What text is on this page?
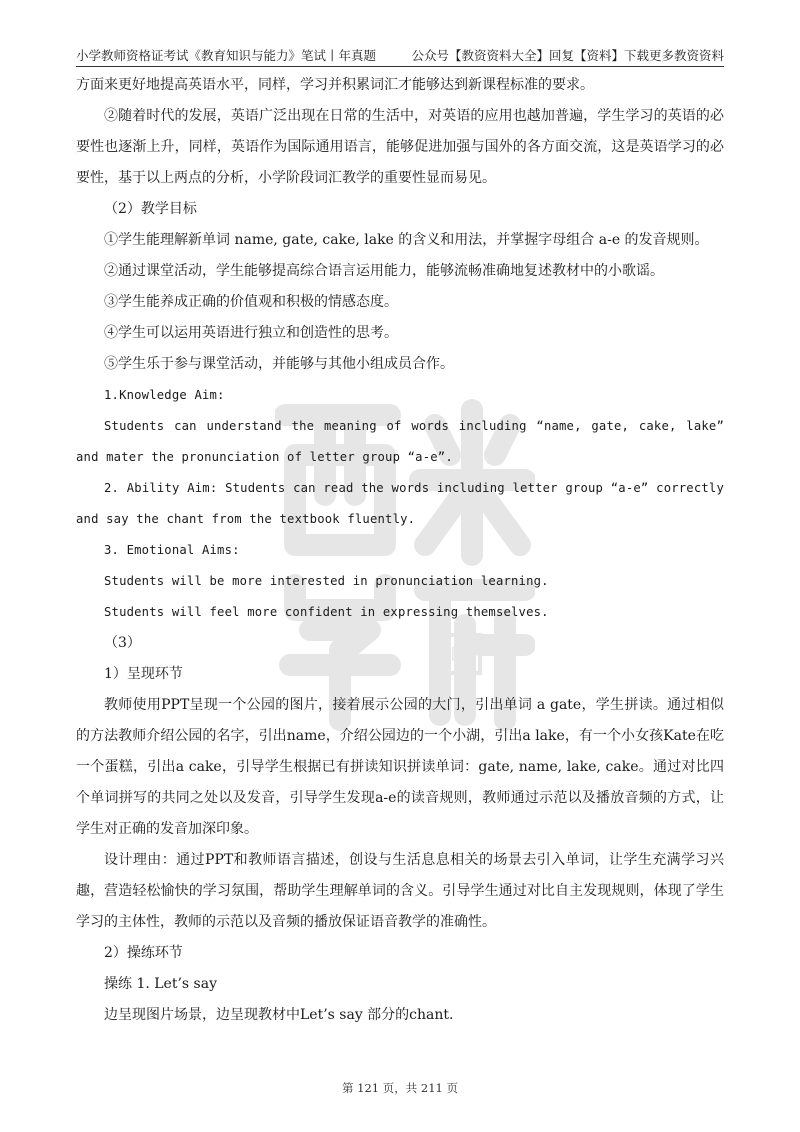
小学教师资格证考试《教育知识与能力》笔试丨年真题	公众号【教资资料大全】回复【资料】下载更多教资资料
印

方面来更好地提高英语水平，同样，学习并积累词汇才能够达到新课程标准的要求。

②随着时代的发展，英语广泛出现在日常的生活中，对英语的应用也越加普遍，学生学习的英语的必要性也逐渐上升，同样，英语作为国际通用语言，能够促进加强与国外的各方面交流，这是英语学习的必要性，基于以上两点的分析，小学阶段词汇教学的重要性显而易见。

（2）教学目标

①学生能理解新单词 name, gate, cake, lake 的含义和用法，并掌握字母组合 a-e 的发音规则。

②通过课堂活动，学生能够提高综合语言运用能力，能够流畅准确地复述教材中的小歌谣。

③学生能养成正确的价值观和积极的情感态度。

④学生可以运用英语进行独立和创造性的思考。

⑤学生乐于参与课堂活动，并能够与其他小组成员合作。

1.Knowledge Aim:

Students can understand the meaning of words including “name, gate, cake, lake” and mater the pronunciation of letter group “a-e”.

2. Ability Aim: Students can read the words including letter group “a-e” correctly and say the chant from the textbook fluently.

3. Emotional Aims:

Students will be more interested in pronunciation learning.

Students will feel more confident in expressing themselves.

（3）

1）呈现环节

教师使用PPT呈现一个公园的图片，接着展示公园的大门，引出单词 a gate，学生拼读。通过相似的方法教师介绍公园的名字，引出name，介绍公园边的一个小湖，引出a lake，有一个小女孩Kate在吃一个蛋糕，引出a cake，引导学生根据已有拼读知识拼读单词：gate, name, lake, cake。通过对比四个单词拼写的共同之处以及发音，引导学生发现a-e的读音规则，教师通过示范以及播放音频的方式，让学生对正确的发音加深印象。

设计理由：通过PPT和教师语言描述，创设与生活息息相关的场景去引入单词，让学生充满学习兴趣，营造轻松愉快的学习氛围，帮助学生理解单词的含义。引导学生通过对比自主发现规则，体现了学生学习的主体性，教师的示范以及音频的播放保证语音教学的准确性。

2）操练环节

操练 1. Let’s say

边呈现图片场景，边呈现教材中Let’s say 部分的chant.

第 121 页，共 211 页
